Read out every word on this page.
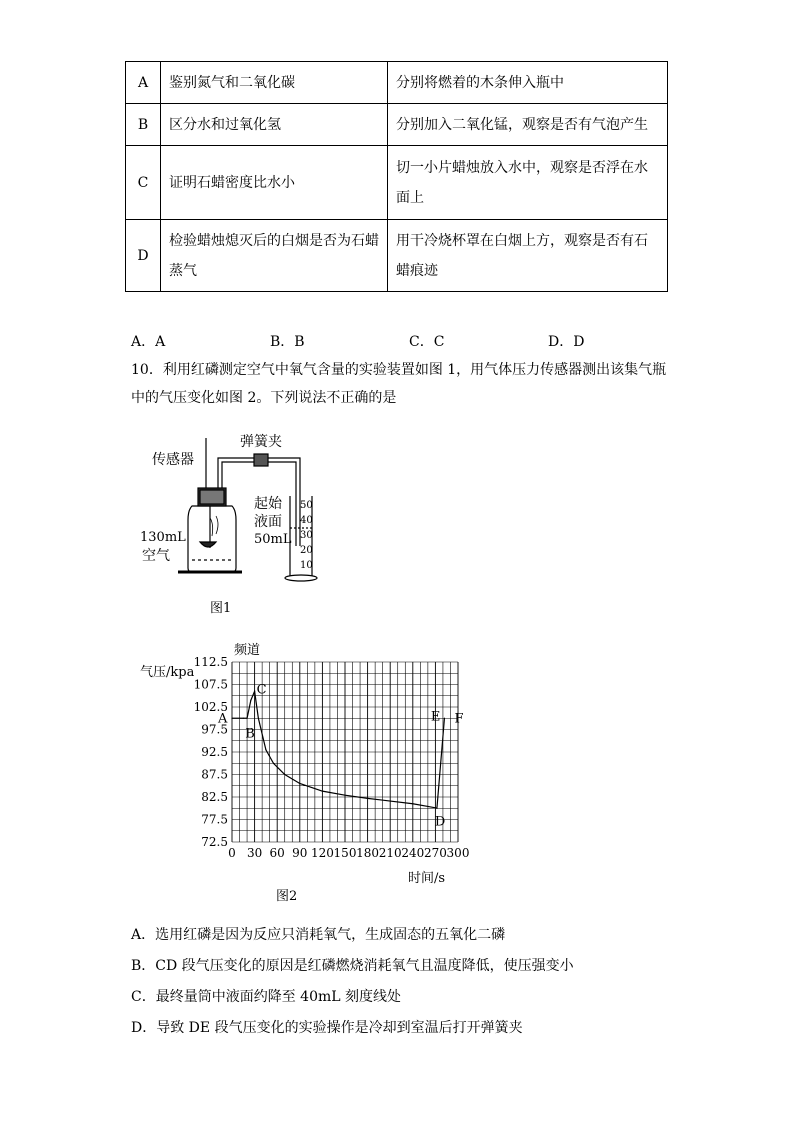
A	鉴别氮气和二氧化碳	分别将燃着的木条伸入瓶中
B	区分水和过氧化氢	分别加入二氧化锰，观察是否有气泡产生
C	证明石蜡密度比水小	切一小片蜡烛放入水中，观察是否浮在水面上
D	检验蜡烛熄灭后的白烟是否为石蜡蒸气	用干冷烧杯罩在白烟上方，观察是否有石蜡痕迹
A．A	B．B	C．C	D．D
10．利用红磷测定空气中氧气含量的实验装置如图 1，用气体压力传感器测出该集气瓶中的气压变化如图 2。下列说法不正确的是
传感器
弹簧夹
130mL
空气
起始
液面
50mL
50
40
30
20
10
图1
频道
气压/kpa
时间/s
图2
112.5
107.5
102.5
97.5
92.5
87.5
82.5
77.5
72.5
0 30 60 90 120 150 180 210 240 270 300
A
B
C
D
E F
A．选用红磷是因为反应只消耗氧气，生成固态的五氧化二磷
B．CD 段气压变化的原因是红磷燃烧消耗氧气且温度降低，使压强变小
C．最终量筒中液面约降至 40mL 刻度线处
D．导致 DE 段气压变化的实验操作是冷却到室温后打开弹簧夹
